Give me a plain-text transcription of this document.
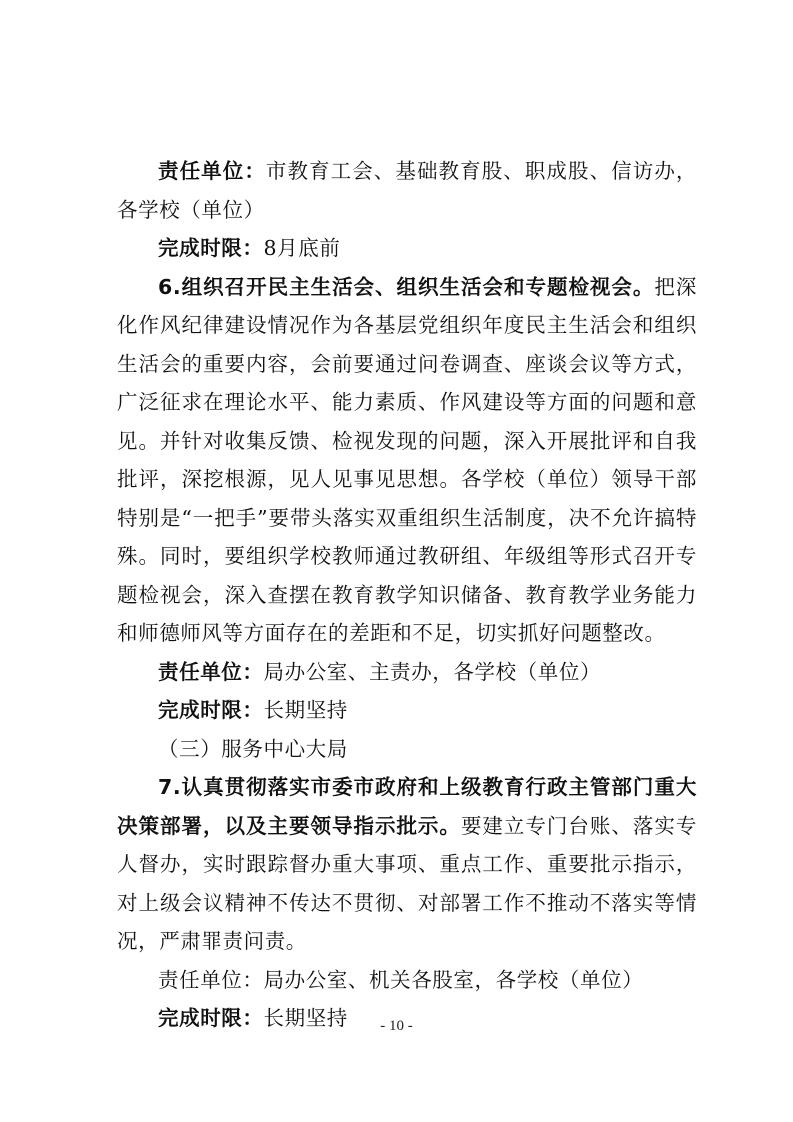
责任单位：市教育工会、基础教育股、职成股、信访办，各学校（单位）

完成时限：8月底前

6.组织召开民主生活会、组织生活会和专题检视会。把深化作风纪律建设情况作为各基层党组织年度民主生活会和组织生活会的重要内容，会前要通过问卷调查、座谈会议等方式，广泛征求在理论水平、能力素质、作风建设等方面的问题和意见。并针对收集反馈、检视发现的问题，深入开展批评和自我批评，深挖根源，见人见事见思想。各学校（单位）领导干部特别是“一把手”要带头落实双重组织生活制度，决不允许搞特殊。同时，要组织学校教师通过教研组、年级组等形式召开专题检视会，深入查摆在教育教学知识储备、教育教学业务能力和师德师风等方面存在的差距和不足，切实抓好问题整改。

责任单位：局办公室、主责办，各学校（单位）

完成时限：长期坚持

（三）服务中心大局

7.认真贯彻落实市委市政府和上级教育行政主管部门重大决策部署，以及主要领导指示批示。要建立专门台账、落实专人督办，实时跟踪督办重大事项、重点工作、重要批示指示，对上级会议精神不传达不贯彻、对部署工作不推动不落实等情况，严肃罪责问责。

责任单位：局办公室、机关各股室，各学校（单位）

完成时限：长期坚持	- 10 -
